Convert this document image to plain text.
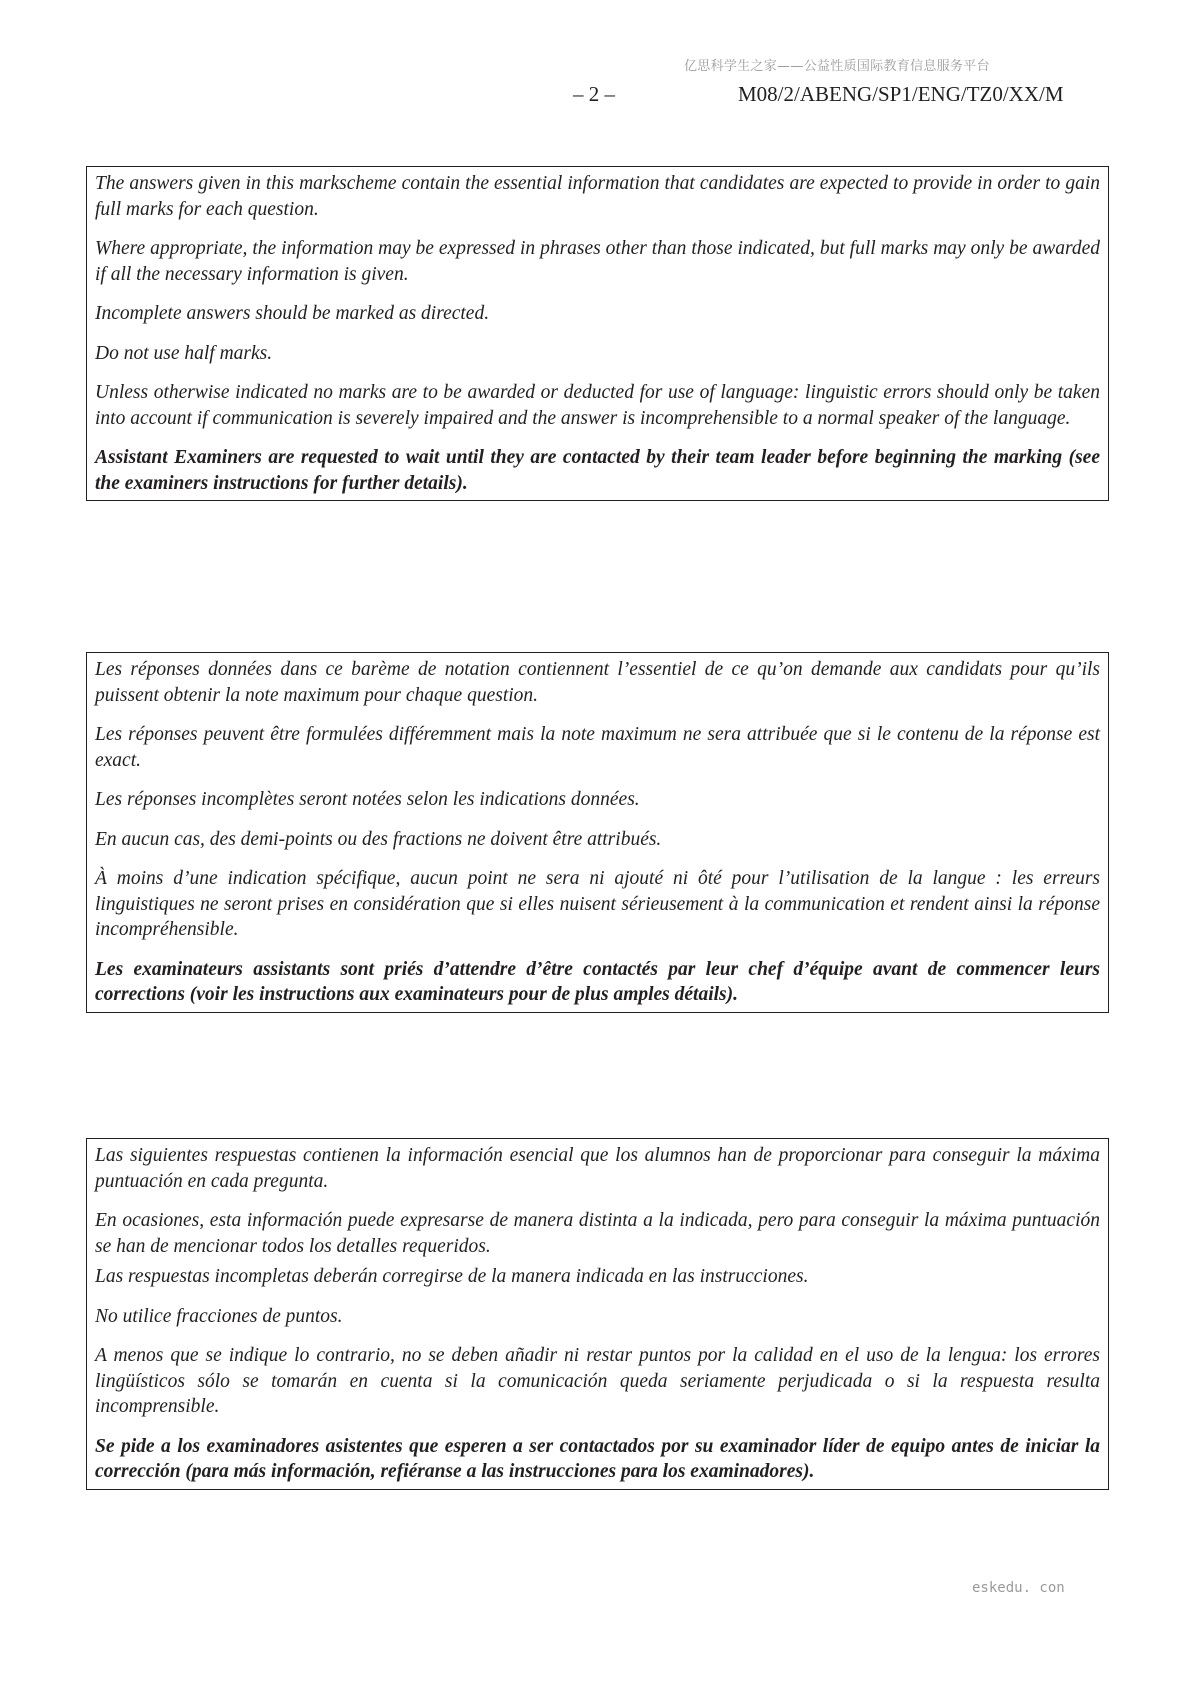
亿思科学生之家——公益性质国际教育信息服务平台
– 2 –	M08/2/ABENG/SP1/ENG/TZ0/XX/M

The answers given in this markscheme contain the essential information that candidates are expected to provide in order to gain full marks for each question.

Where appropriate, the information may be expressed in phrases other than those indicated, but full marks may only be awarded if all the necessary information is given.

Incomplete answers should be marked as directed.

Do not use half marks.

Unless otherwise indicated no marks are to be awarded or deducted for use of language: linguistic errors should only be taken into account if communication is severely impaired and the answer is incomprehensible to a normal speaker of the language.

Assistant Examiners are requested to wait until they are contacted by their team leader before beginning the marking (see the examiners instructions for further details).

Les réponses données dans ce barème de notation contiennent l’essentiel de ce qu’on demande aux candidats pour qu’ils puissent obtenir la note maximum pour chaque question.

Les réponses peuvent être formulées différemment mais la note maximum ne sera attribuée que si le contenu de la réponse est exact.

Les réponses incomplètes seront notées selon les indications données.

En aucun cas, des demi-points ou des fractions ne doivent être attribués.

À moins d’une indication spécifique, aucun point ne sera ni ajouté ni ôté pour l’utilisation de la langue : les erreurs linguistiques ne seront prises en considération que si elles nuisent sérieusement à la communication et rendent ainsi la réponse incompréhensible.

Les examinateurs assistants sont priés d’attendre d’être contactés par leur chef d’équipe avant de commencer leurs corrections (voir les instructions aux examinateurs pour de plus amples détails).

Las siguientes respuestas contienen la información esencial que los alumnos han de proporcionar para conseguir la máxima puntuación en cada pregunta.

En ocasiones, esta información puede expresarse de manera distinta a la indicada, pero para conseguir la máxima puntuación se han de mencionar todos los detalles requeridos.

Las respuestas incompletas deberán corregirse de la manera indicada en las instrucciones.

No utilice fracciones de puntos.

A menos que se indique lo contrario, no se deben añadir ni restar puntos por la calidad en el uso de la lengua: los errores lingüísticos sólo se tomarán en cuenta si la comunicación queda seriamente perjudicada o si la respuesta resulta incomprensible.

Se pide a los examinadores asistentes que esperen a ser contactados por su examinador líder de equipo antes de iniciar la corrección (para más información, refiéranse a las instrucciones para los examinadores).

eskedu. con
